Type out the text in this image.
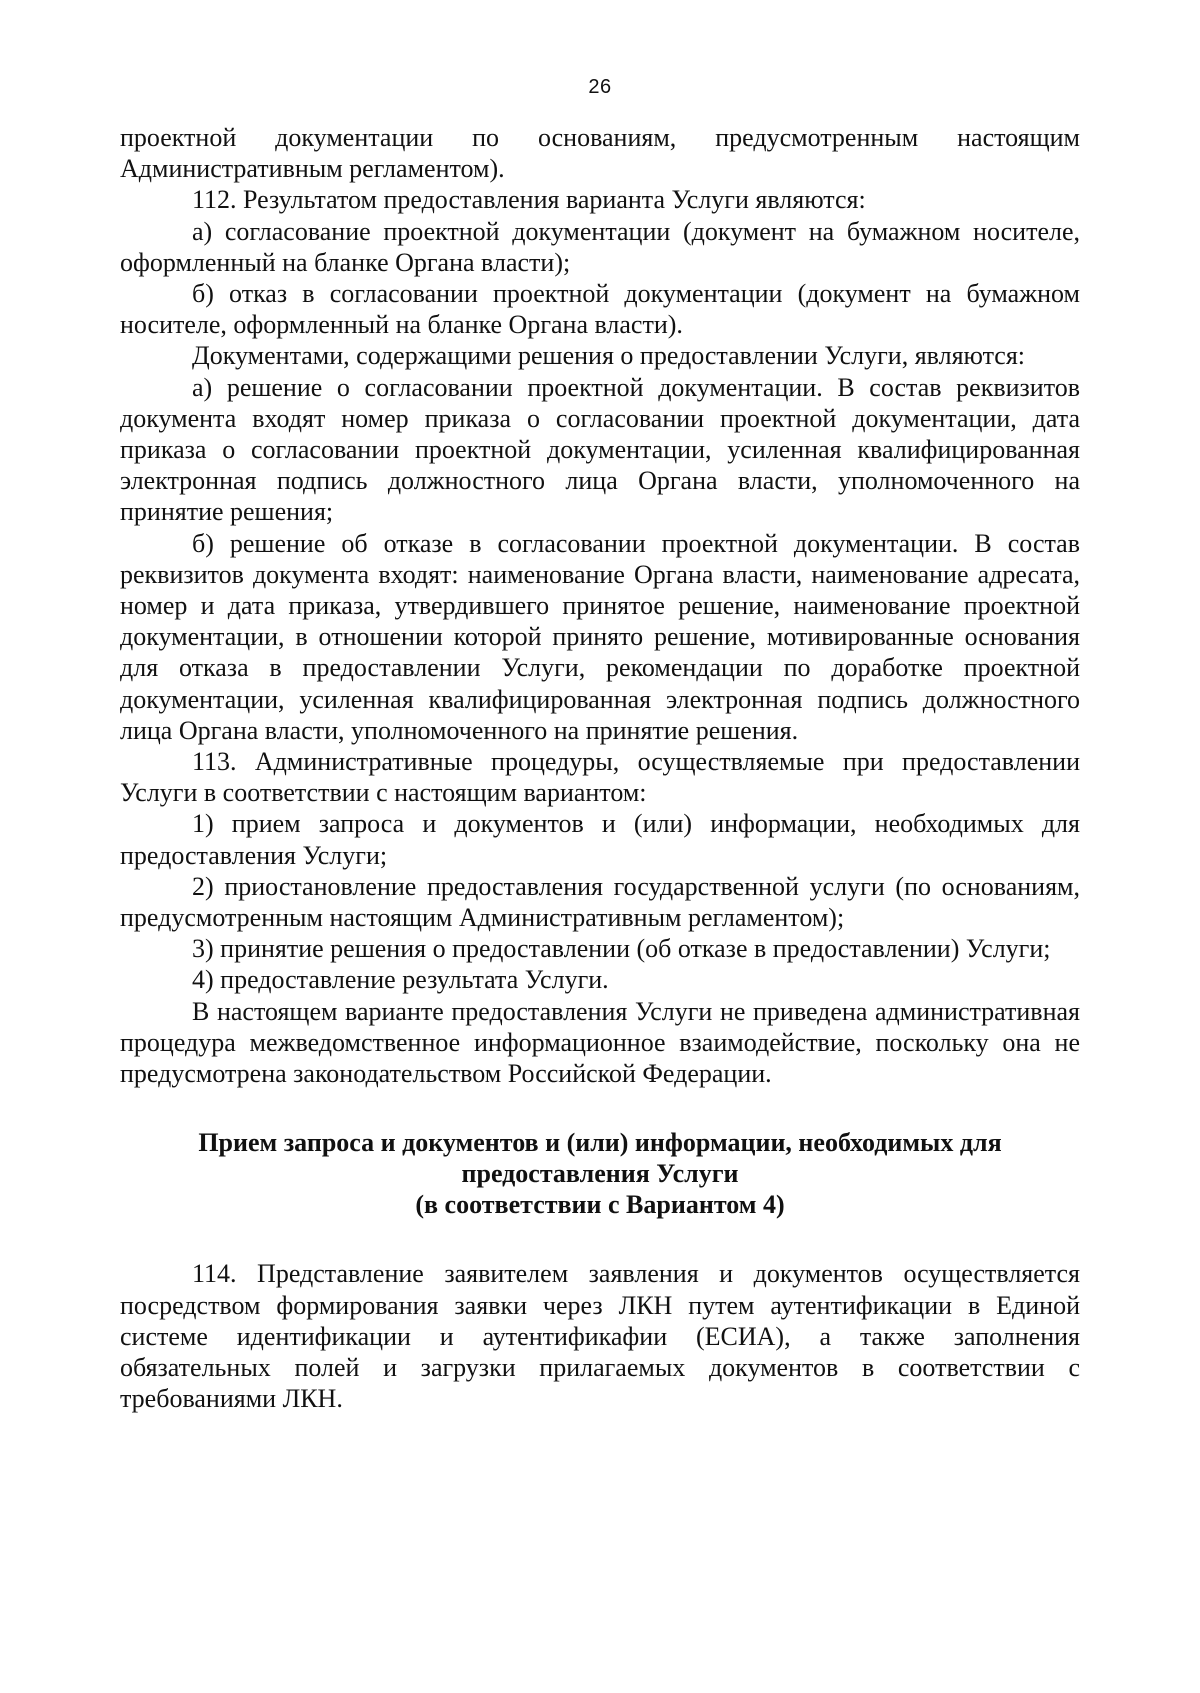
26

проектной документации по основаниям, предусмотренным настоящим Административным регламентом).

112. Результатом предоставления варианта Услуги являются:

а) согласование проектной документации (документ на бумажном носителе, оформленный на бланке Органа власти);

б) отказ в согласовании проектной документации (документ на бумажном носителе, оформленный на бланке Органа власти).

Документами, содержащими решения о предоставлении Услуги, являются:

а) решение о согласовании проектной документации. В состав реквизитов документа входят номер приказа о согласовании проектной документации, дата приказа о согласовании проектной документации, усиленная квалифицированная электронная подпись должностного лица Органа власти, уполномоченного на принятие решения;

б) решение об отказе в согласовании проектной документации. В состав реквизитов документа входят: наименование Органа власти, наименование адресата, номер и дата приказа, утвердившего принятое решение, наименование проектной документации, в отношении которой принято решение, мотивированные основания для отказа в предоставлении Услуги, рекомендации по доработке проектной документации, усиленная квалифицированная электронная подпись должностного лица Органа власти, уполномоченного на принятие решения.

113. Административные процедуры, осуществляемые при предоставлении Услуги в соответствии с настоящим вариантом:

1) прием запроса и документов и (или) информации, необходимых для предоставления Услуги;

2) приостановление предоставления государственной услуги (по основаниям, предусмотренным настоящим Административным регламентом);

3) принятие решения о предоставлении (об отказе в предоставлении) Услуги;

4) предоставление результата Услуги.

В настоящем варианте предоставления Услуги не приведена административная процедура межведомственное информационное взаимодействие, поскольку она не предусмотрена законодательством Российской Федерации.

Прием запроса и документов и (или) информации, необходимых для
предоставления Услуги
(в соответствии с Вариантом 4)

114. Представление заявителем заявления и документов осуществляется посредством формирования заявки через ЛКН путем аутентификации в Единой системе идентификации и аутентификафии (ЕСИА), а также заполнения обязательных полей и загрузки прилагаемых документов в соответствии с требованиями ЛКН.
